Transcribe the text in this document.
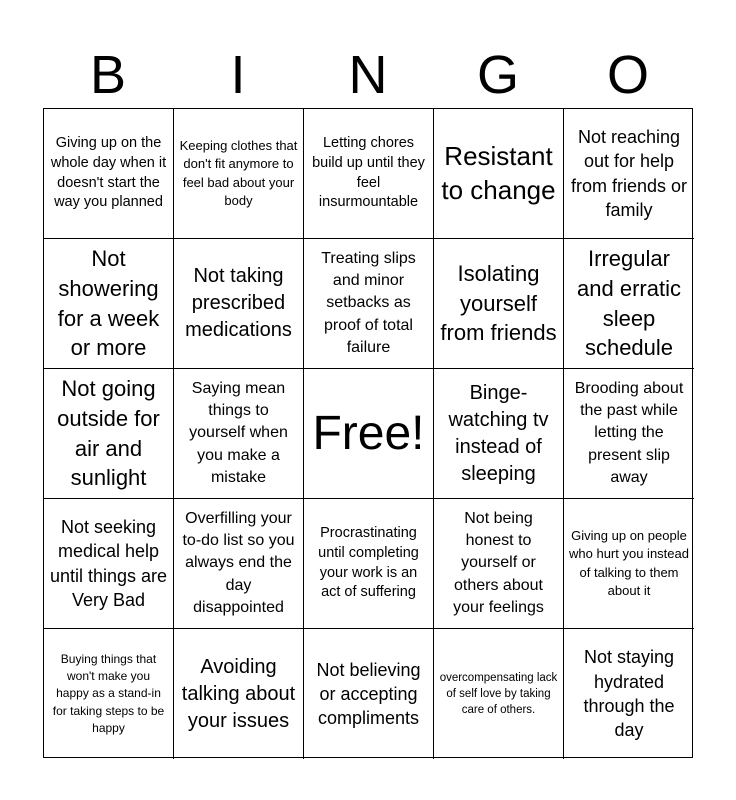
B	I	N	G	O
Giving up on the whole day when it doesn't start the way you planned
Keeping clothes that don't fit anymore to feel bad about your body
Letting chores build up until they feel insurmountable
Resistant to change
Not reaching out for help from friends or family
Not showering for a week or more
Not taking prescribed medications
Treating slips and minor setbacks as proof of total failure
Isolating yourself from friends
Irregular and erratic sleep schedule
Not going outside for air and sunlight
Saying mean things to yourself when you make a mistake
Free!
Binge-watching tv instead of sleeping
Brooding about the past while letting the present slip away
Not seeking medical help until things are Very Bad
Overfilling your to-do list so you always end the day disappointed
Procrastinating until completing your work is an act of suffering
Not being honest to yourself or others about your feelings
Giving up on people who hurt you instead of talking to them about it
Buying things that won't make you happy as a stand-in for taking steps to be happy
Avoiding talking about your issues
Not believing or accepting compliments
overcompensating lack of self love by taking care of others.
Not staying hydrated through the day
